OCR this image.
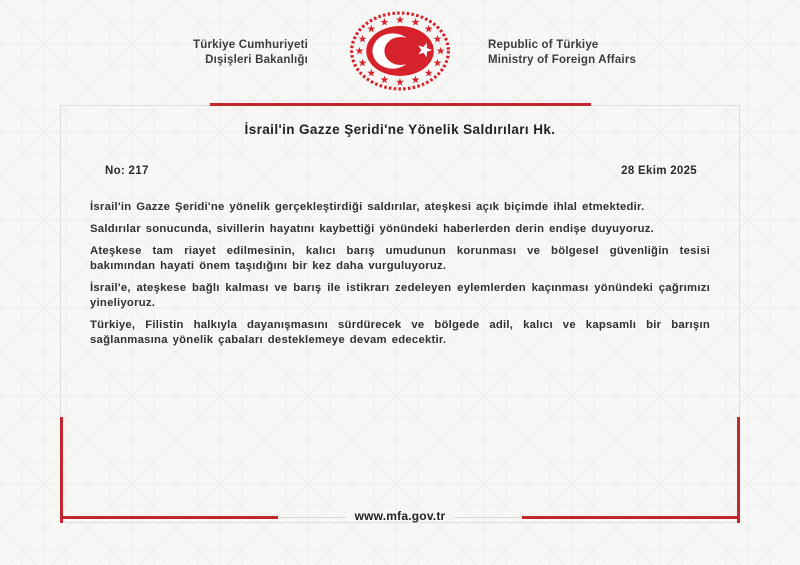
Türkiye Cumhuriyeti
Dışişleri Bakanlığı
Republic of Türkiye
Ministry of Foreign Affairs
İsrail'in Gazze Şeridi'ne Yönelik Saldırıları Hk.
No: 217	28 Ekim 2025

İsrail'in Gazze Şeridi'ne yönelik gerçekleştirdiği saldırılar, ateşkesi açık biçimde ihlal etmektedir.

Saldırılar sonucunda, sivillerin hayatını kaybettiği yönündeki haberlerden derin endişe duyuyoruz.

Ateşkese tam riayet edilmesinin, kalıcı barış umudunun korunması ve bölgesel güvenliğin tesisi bakımından hayati önem taşıdığını bir kez daha vurguluyoruz.

İsrail'e, ateşkese bağlı kalması ve barış ile istikrarı zedeleyen eylemlerden kaçınması yönündeki çağrımızı yineliyoruz.

Türkiye, Filistin halkıyla dayanışmasını sürdürecek ve bölgede adil, kalıcı ve kapsamlı bir barışın sağlanmasına yönelik çabaları desteklemeye devam edecektir.

www.mfa.gov.tr
